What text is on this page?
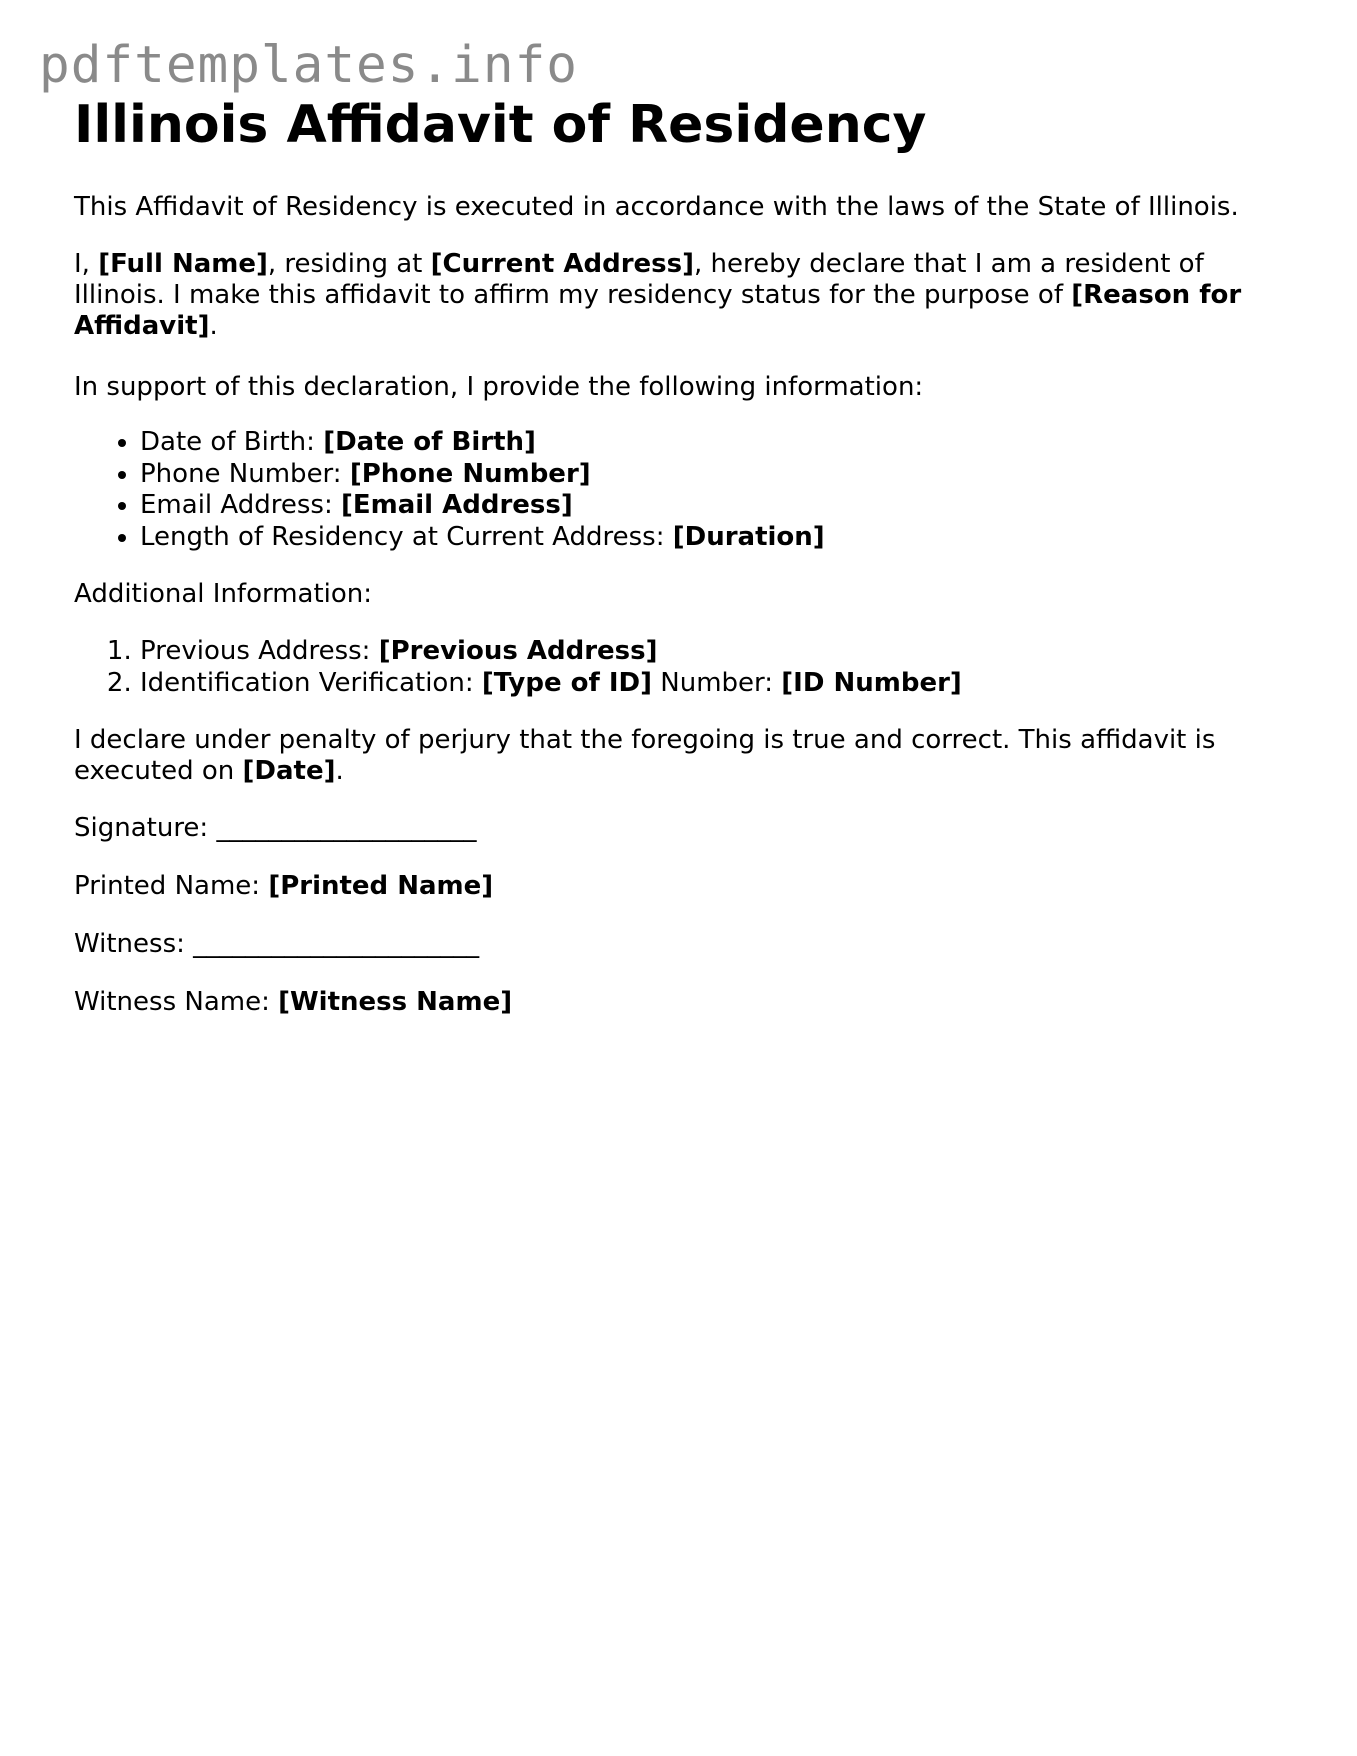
pdftemplates.info
Illinois Affidavit of Residency

This Affidavit of Residency is executed in accordance with the laws of the State of Illinois.

I, [Full Name], residing at [Current Address], hereby declare that I am a resident of Illinois. I make this affidavit to affirm my residency status for the purpose of [Reason for Affidavit].

In support of this declaration, I provide the following information:

• Date of Birth: [Date of Birth]
• Phone Number: [Phone Number]
• Email Address: [Email Address]
• Length of Residency at Current Address: [Duration]

Additional Information:

1. Previous Address: [Previous Address]
2. Identification Verification: [Type of ID] Number: [ID Number]

I declare under penalty of perjury that the foregoing is true and correct. This affidavit is executed on [Date].

Signature: ____________________

Printed Name: [Printed Name]

Witness: ______________________

Witness Name: [Witness Name]
